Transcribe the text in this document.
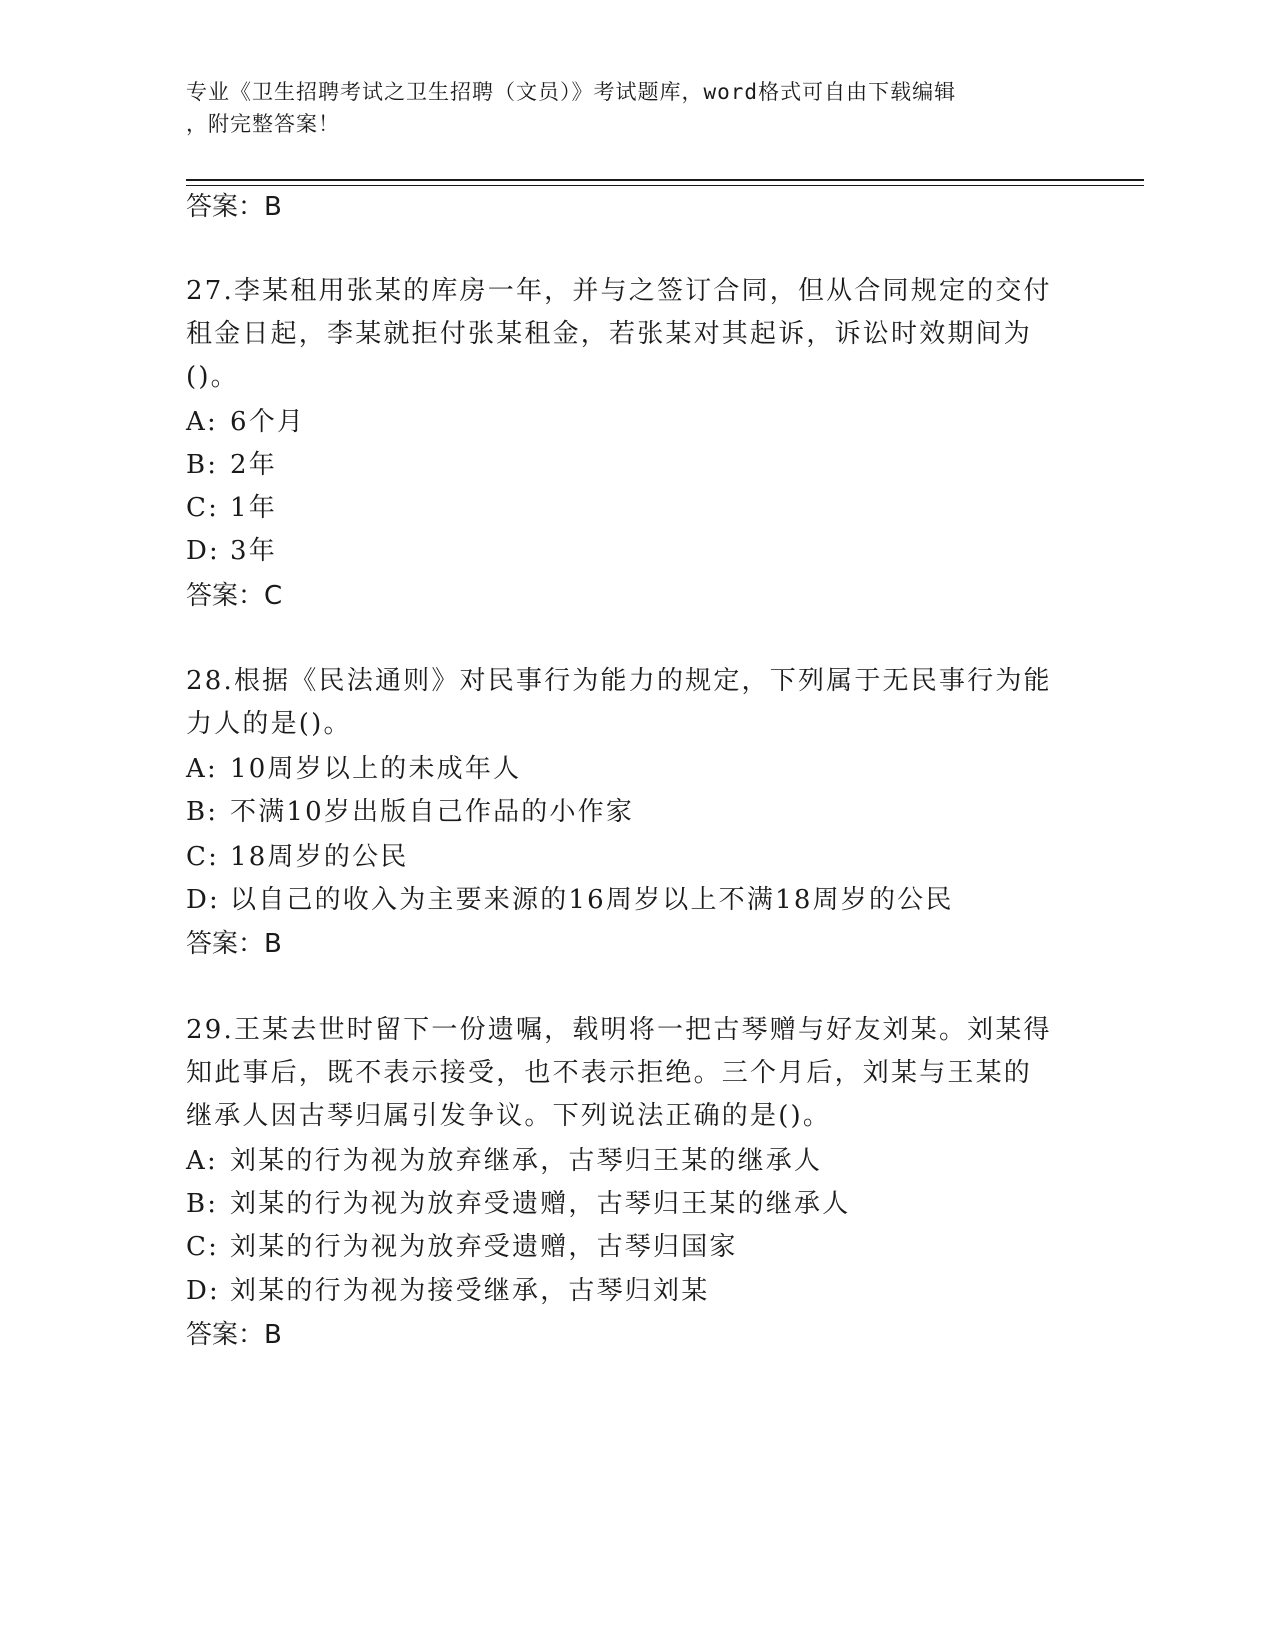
专业《卫生招聘考试之卫生招聘（文员）》考试题库，word格式可自由下载编辑
，附完整答案！
答案：B
27.李某租用张某的库房一年，并与之签订合同，但从合同规定的交付
租金日起，李某就拒付张某租金，若张某对其起诉，诉讼时效期间为
()。
A: 6个月
B: 2年
C: 1年
D: 3年
答案：C
28.根据《民法通则》对民事行为能力的规定，下列属于无民事行为能
力人的是()。
A: 10周岁以上的未成年人
B: 不满10岁出版自己作品的小作家
C: 18周岁的公民
D: 以自己的收入为主要来源的16周岁以上不满18周岁的公民
答案：B
29.王某去世时留下一份遗嘱，载明将一把古琴赠与好友刘某。刘某得
知此事后，既不表示接受，也不表示拒绝。三个月后，刘某与王某的
继承人因古琴归属引发争议。下列说法正确的是()。
A: 刘某的行为视为放弃继承，古琴归王某的继承人
B: 刘某的行为视为放弃受遗赠，古琴归王某的继承人
C: 刘某的行为视为放弃受遗赠，古琴归国家
D: 刘某的行为视为接受继承，古琴归刘某
答案：B
